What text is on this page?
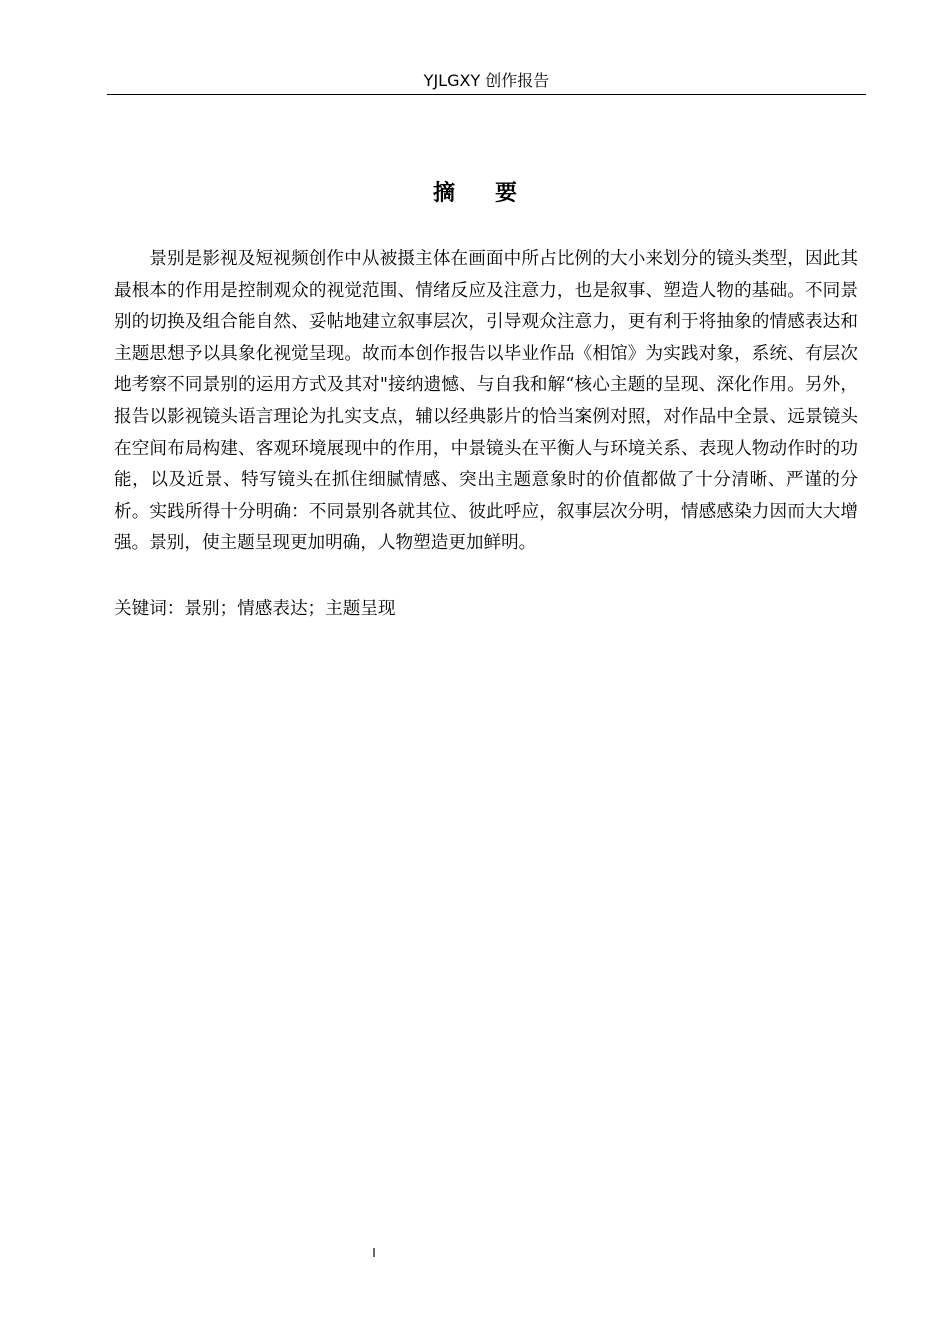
YJLGXY 创作报告
摘要

景别是影视及短视频创作中从被摄主体在画面中所占比例的大小来划分的镜头类型，因此其最根本的作用是控制观众的视觉范围、情绪反应及注意力，也是叙事、塑造人物的基础。不同景别的切换及组合能自然、妥帖地建立叙事层次，引导观众注意力，更有利于将抽象的情感表达和主题思想予以具象化视觉呈现。故而本创作报告以毕业作品《相馆》为实践对象，系统、有层次地考察不同景别的运用方式及其对"接纳遗憾、与自我和解“核心主题的呈现、深化作用。另外，报告以影视镜头语言理论为扎实支点，辅以经典影片的恰当案例对照，对作品中全景、远景镜头在空间布局构建、客观环境展现中的作用，中景镜头在平衡人与环境关系、表现人物动作时的功能，以及近景、特写镜头在抓住细腻情感、突出主题意象时的价值都做了十分清晰、严谨的分析。实践所得十分明确：不同景别各就其位、彼此呼应，叙事层次分明，情感感染力因而大大增强。景别，使主题呈现更加明确，人物塑造更加鲜明。

关键词：景别；情感表达；主题呈现

I
